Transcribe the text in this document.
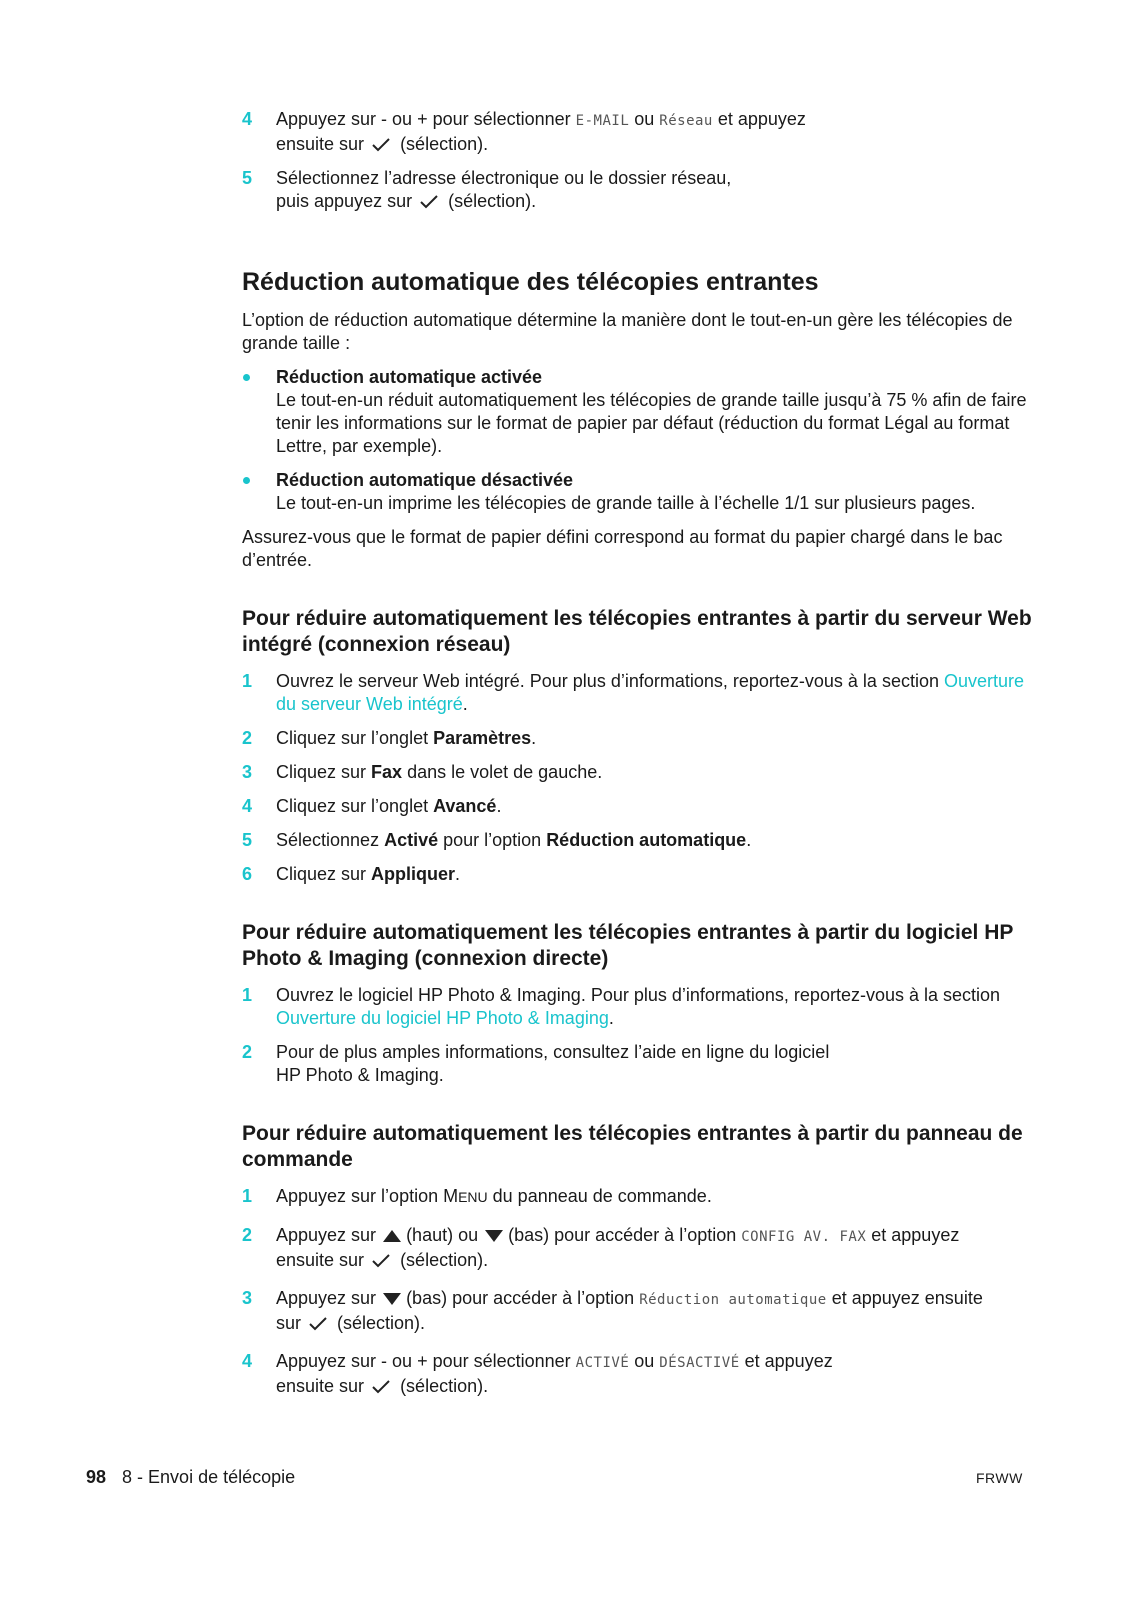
4 Appuyez sur - ou + pour sélectionner E-MAIL ou Réseau et appuyez
ensuite sur (sélection).
5 Sélectionnez l’adresse électronique ou le dossier réseau,
puis appuyez sur (sélection).
Réduction automatique des télécopies entrantes

L’option de réduction automatique détermine la manière dont le tout-en-un gère les télécopies de grande taille :

Réduction automatique activée
Le tout-en-un réduit automatiquement les télécopies de grande taille jusqu’à 75 % afin de faire tenir les informations sur le format de papier par défaut (réduction du format Légal au format Lettre, par exemple).
Réduction automatique désactivée
Le tout-en-un imprime les télécopies de grande taille à l’échelle 1/1 sur plusieurs pages.

Assurez-vous que le format de papier défini correspond au format du papier chargé dans le bac d’entrée.

Pour réduire automatiquement les télécopies entrantes à partir du serveur Web intégré (connexion réseau)
1 Ouvrez le serveur Web intégré. Pour plus d’informations, reportez-vous à la section Ouverture du serveur Web intégré.
2 Cliquez sur l’onglet Paramètres.
3 Cliquez sur Fax dans le volet de gauche.
4 Cliquez sur l’onglet Avancé.
5 Sélectionnez Activé pour l’option Réduction automatique.
6 Cliquez sur Appliquer.
Pour réduire automatiquement les télécopies entrantes à partir du logiciel HP Photo & Imaging (connexion directe)
1 Ouvrez le logiciel HP Photo & Imaging. Pour plus d’informations, reportez-vous à la section Ouverture du logiciel HP Photo & Imaging.
2 Pour de plus amples informations, consultez l’aide en ligne du logiciel
HP Photo & Imaging.
Pour réduire automatiquement les télécopies entrantes à partir du panneau de commande
1 Appuyez sur l’option MENU du panneau de commande.
2 Appuyez sur (haut) ou (bas) pour accéder à l’option CONFIG AV. FAX et appuyez
ensuite sur (sélection).
3 Appuyez sur (bas) pour accéder à l’option Réduction automatique et appuyez ensuite
sur (sélection).
4 Appuyez sur - ou + pour sélectionner ACTIVÉ ou DÉSACTIVÉ et appuyez
ensuite sur (sélection).
98 8 - Envoi de télécopie	FRWW
